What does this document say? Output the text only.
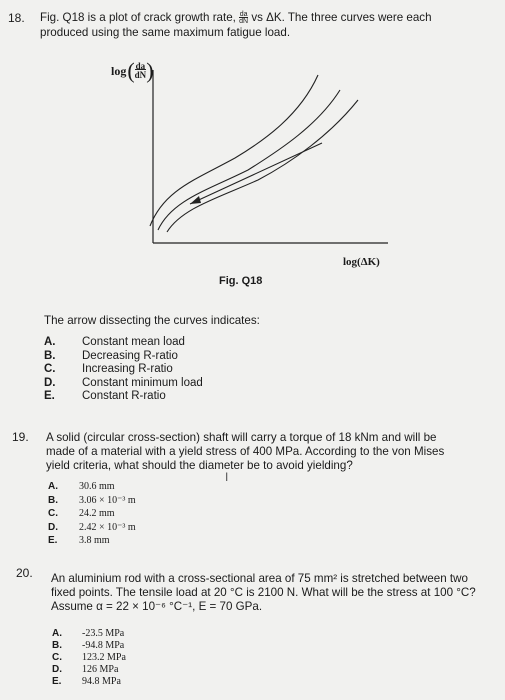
18. Fig. Q18 is a plot of crack growth rate, $\frac{da}{dN}$ vs ΔK. The three curves were each
produced using the same maximum fatigue load.
log ( $\frac{da}{dN}$ )
log(ΔK)
Fig. Q18
The arrow dissecting the curves indicates:
A.	Constant mean load
B.	Decreasing R-ratio
C.	Increasing R-ratio
D.	Constant minimum load
E.	Constant R-ratio
19. A solid (circular cross-section) shaft will carry a torque of 18 kNm and will be
made of a material with a yield stress of 400 MPa. According to the von Mises
yield criteria, what should the diameter be to avoid yielding?
Ι
A.	30.6 mm
B.	3.06 × 10⁻³ m
C.	24.2 mm
D.	2.42 × 10⁻³ m
E.	3.8 mm
20. An aluminium rod with a cross-sectional area of 75 mm² is stretched between two
fixed points. The tensile load at 20 °C is 2100 N. What will be the stress at 100 °C?
Assume α = 22 × 10⁻⁶ °C⁻¹, E = 70 GPa.
A.	-23.5 MPa
B.	-94.8 MPa
C.	123.2 MPa
D.	126 MPa
E.	94.8 MPa
